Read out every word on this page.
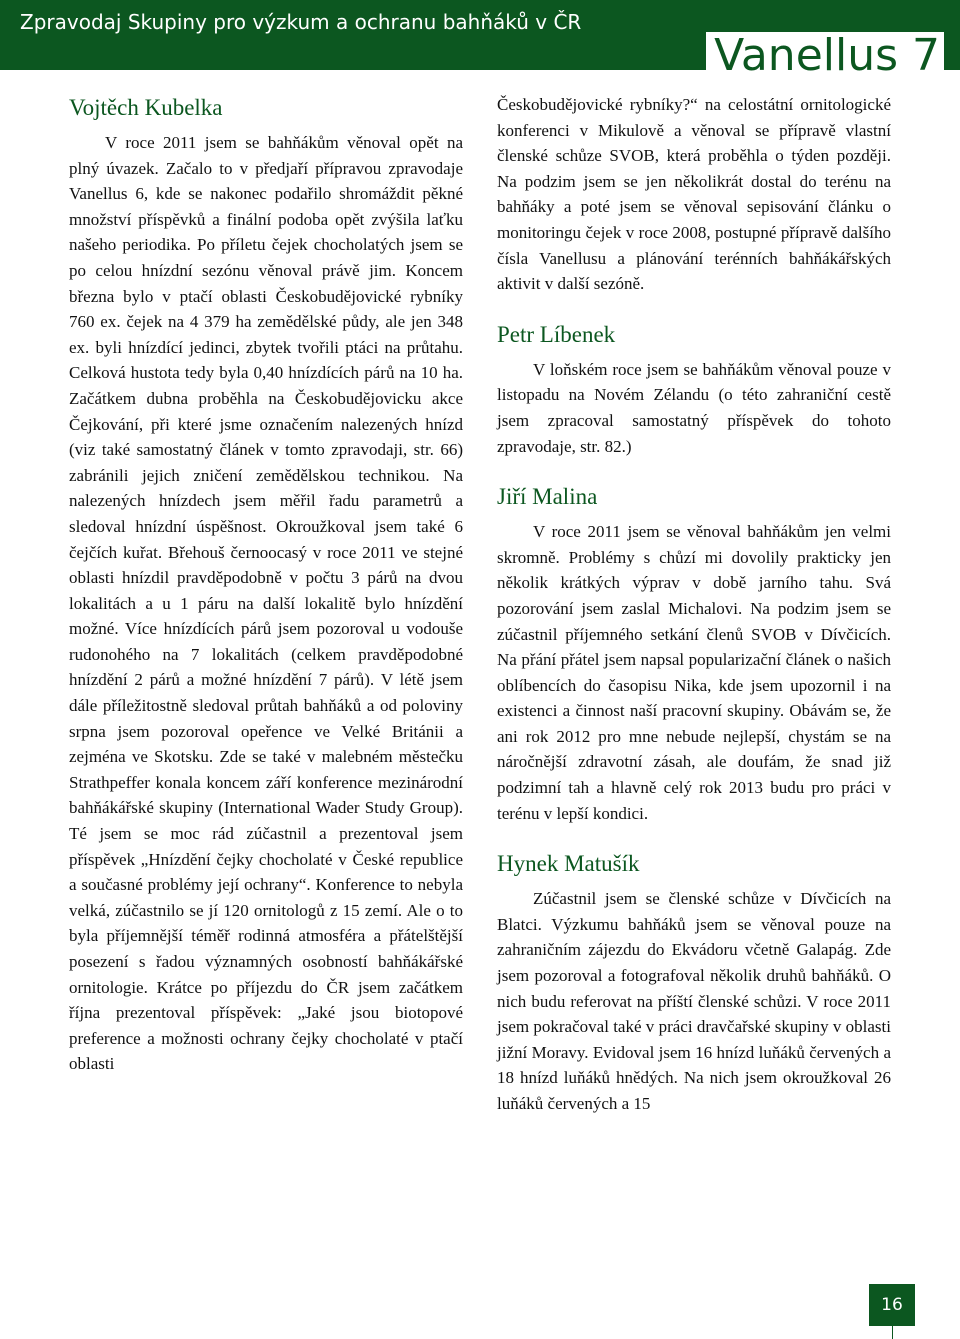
Zpravodaj Skupiny pro výzkum a ochranu bahňáků v ČR
Vanellus 7
Vojtěch Kubelka

V roce 2011 jsem se bahňákům věnoval opět na plný úvazek. Začalo to v předjaří přípravou zpravodaje Vanellus 6, kde se nakonec podařilo shromáždit pěkné množství příspěvků a finální podoba opět zvýšila laťku našeho periodika. Po příletu čejek chocholatých jsem se po celou hnízdní sezónu věnoval právě jim. Koncem března bylo v ptačí oblasti Českobudějovické rybníky 760 ex. čejek na 4 379 ha zemědělské půdy, ale jen 348 ex. byli hnízdící jedinci, zbytek tvořili ptáci na průtahu. Celková hustota tedy byla 0,40 hnízdících párů na 10 ha. Začátkem dubna proběhla na Českobudějovicku akce Čejkování, při které jsme označením nalezených hnízd (viz také samostatný článek v tomto zpravodaji, str. 66) zabránili jejich zničení zemědělskou technikou. Na nalezených hnízdech jsem měřil řadu parametrů a sledoval hnízdní úspěšnost. Okroužkoval jsem také 6 čejčích kuřat. Břehouš černoocasý v roce 2011 ve stejné oblasti hnízdil pravděpodobně v počtu 3 párů na dvou lokalitách a u 1 páru na další lokalitě bylo hnízdění možné. Více hnízdících párů jsem pozoroval u vodouše rudonohého na 7 lokalitách (celkem pravděpodobné hnízdění 2 párů a možné hnízdění 7 párů). V létě jsem dále příležitostně sledoval průtah bahňáků a od poloviny srpna jsem pozoroval opeřence ve Velké Británii a zejména ve Skotsku. Zde se také v malebném městečku Strathpeffer konala koncem září konference mezinárodní bahňákářské skupiny (International Wader Study Group). Té jsem se moc rád zúčastnil a prezentoval jsem příspěvek „Hnízdění čejky chocholaté v České republice a současné problémy její ochrany“. Konference to nebyla velká, zúčastnilo se jí 120 ornitologů z 15 zemí. Ale o to byla příjemnější téměř rodinná atmosféra a přátelštější posezení s řadou významných osobností bahňákářské ornitologie. Krátce po příjezdu do ČR jsem začátkem října prezentoval příspěvek: „Jaké jsou biotopové preference a možnosti ochrany čejky chocholaté v ptačí oblasti

Českobudějovické rybníky?“ na celostátní ornitologické konferenci v Mikulově a věnoval se přípravě vlastní členské schůze SVOB, která proběhla o týden později. Na podzim jsem se jen několikrát dostal do terénu na bahňáky a poté jsem se věnoval sepisování článku o monitoringu čejek v roce 2008, postupné přípravě dalšího čísla Vanellusu a plánování terénních bahňákářských aktivit v další sezóně.

Petr Líbenek

V loňském roce jsem se bahňákům věnoval pouze v listopadu na Novém Zélandu (o této zahraniční cestě jsem zpracoval samostatný příspěvek do tohoto zpravodaje, str. 82.)

Jiří Malina

V roce 2011 jsem se věnoval bahňákům jen velmi skromně. Problémy s chůzí mi dovolily prakticky jen několik krátkých výprav v době jarního tahu. Svá pozorování jsem zaslal Michalovi. Na podzim jsem se zúčastnil příjemného setkání členů SVOB v Dívčicích. Na přání přátel jsem napsal popularizační článek o našich oblíbencích do časopisu Nika, kde jsem upozornil i na existenci a činnost naší pracovní skupiny. Obávám se, že ani rok 2012 pro mne nebude nejlepší, chystám se na náročnější zdravotní zásah, ale doufám, že snad již podzimní tah a hlavně celý rok 2013 budu pro práci v terénu v lepší kondici.

Hynek Matušík

Zúčastnil jsem se členské schůze v Dívčicích na Blatci. Výzkumu bahňáků jsem se věnoval pouze na zahraničním zájezdu do Ekvádoru včetně Galapág. Zde jsem pozoroval a fotografoval několik druhů bahňáků. O nich budu referovat na příští členské schůzi. V roce 2011 jsem pokračoval také v práci dravčařské skupiny v oblasti jižní Moravy. Evidoval jsem 16 hnízd luňáků červených a 18 hnízd luňáků hnědých. Na nich jsem okroužkoval 26 luňáků červených a 15

16
